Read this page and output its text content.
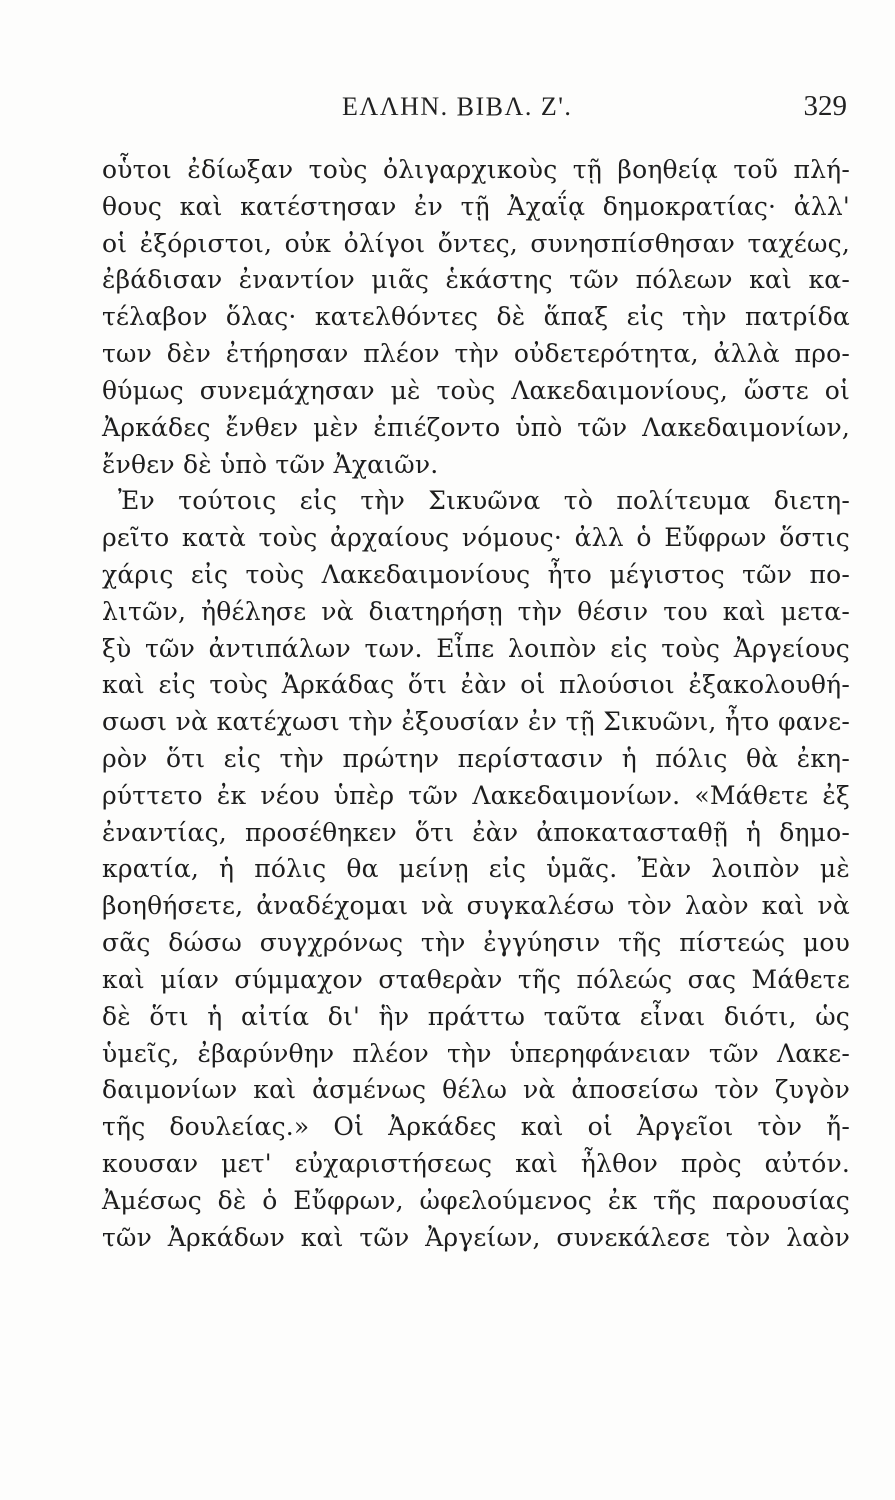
ΕΛΛΗΝ. ΒΙΒΛ. Ζ'.	329
οὗτοι ἐδίωξαν τοὺς ὀλιγαρχικοὺς τῇ βοηθείᾳ τοῦ πλή-
θους καὶ κατέστησαν ἐν τῇ Ἀχαΐᾳ δημοκρατίας· ἀλλ'
οἱ ἐξόριστοι, οὐκ ὀλίγοι ὄντες, συνησπίσθησαν ταχέως,
ἐβάδισαν ἐναντίον μιᾶς ἑκάστης τῶν πόλεων καὶ κα-
τέλαβον ὅλας· κατελθόντες δὲ ἅπαξ εἰς τὴν πατρίδα
των δὲν ἐτήρησαν πλέον τὴν οὐδετερότητα, ἀλλὰ προ-
θύμως συνεμάχησαν μὲ τοὺς Λακεδαιμονίους, ὥστε οἱ
Ἀρκάδες ἔνθεν μὲν ἐπιέζοντο ὑπὸ τῶν Λακεδαιμονίων,
ἔνθεν δὲ ὑπὸ τῶν Ἀχαιῶν.
Ἐν τούτοις εἰς τὴν Σικυῶνα τὸ πολίτευμα διετη-
ρεῖτο κατὰ τοὺς ἀρχαίους νόμους· ἀλλ ὁ Εὔφρων ὅστις
χάρις εἰς τοὺς Λακεδαιμονίους ἦτο μέγιστος τῶν πο-
λιτῶν, ἠθέλησε νὰ διατηρήσῃ τὴν θέσιν του καὶ μετα-
ξὺ τῶν ἀντιπάλων των. Εἶπε λοιπὸν εἰς τοὺς Ἀργείους
καὶ εἰς τοὺς Ἀρκάδας ὅτι ἐὰν οἱ πλούσιοι ἐξακολουθή-
σωσι νὰ κατέχωσι τὴν ἐξουσίαν ἐν τῇ Σικυῶνι, ἦτο φανε-
ρὸν ὅτι εἰς τὴν πρώτην περίστασιν ἡ πόλις θὰ ἐκη-
ρύττετο ἐκ νέου ὑπὲρ τῶν Λακεδαιμονίων. «Μάθετε ἐξ
ἐναντίας, προσέθηκεν ὅτι ἐὰν ἀποκατασταθῇ ἡ δημο-
κρατία, ἡ πόλις θα μείνῃ εἰς ὑμᾶς. Ἐὰν λοιπὸν μὲ
βοηθήσετε, ἀναδέχομαι νὰ συγκαλέσω τὸν λαὸν καὶ νὰ
σᾶς δώσω συγχρόνως τὴν ἐγγύησιν τῆς πίστεώς μου
καὶ μίαν σύμμαχον σταθερὰν τῆς πόλεώς σας Μάθετε
δὲ ὅτι ἡ αἰτία δι' ἣν πράττω ταῦτα εἶναι διότι, ὡς
ὑμεῖς, ἐβαρύνθην πλέον τὴν ὑπερηφάνειαν τῶν Λακε-
δαιμονίων καὶ ἀσμένως θέλω νὰ ἀποσείσω τὸν ζυγὸν
τῆς δουλείας.» Οἱ Ἀρκάδες καὶ οἱ Ἀργεῖοι τὸν ἤ-
κουσαν μετ' εὐχαριστήσεως καὶ ἦλθον πρὸς αὐτόν.
Ἀμέσως δὲ ὁ Εὔφρων, ὠφελούμενος ἐκ τῆς παρουσίας
τῶν Ἀρκάδων καὶ τῶν Ἀργείων, συνεκάλεσε τὸν λαὸν
